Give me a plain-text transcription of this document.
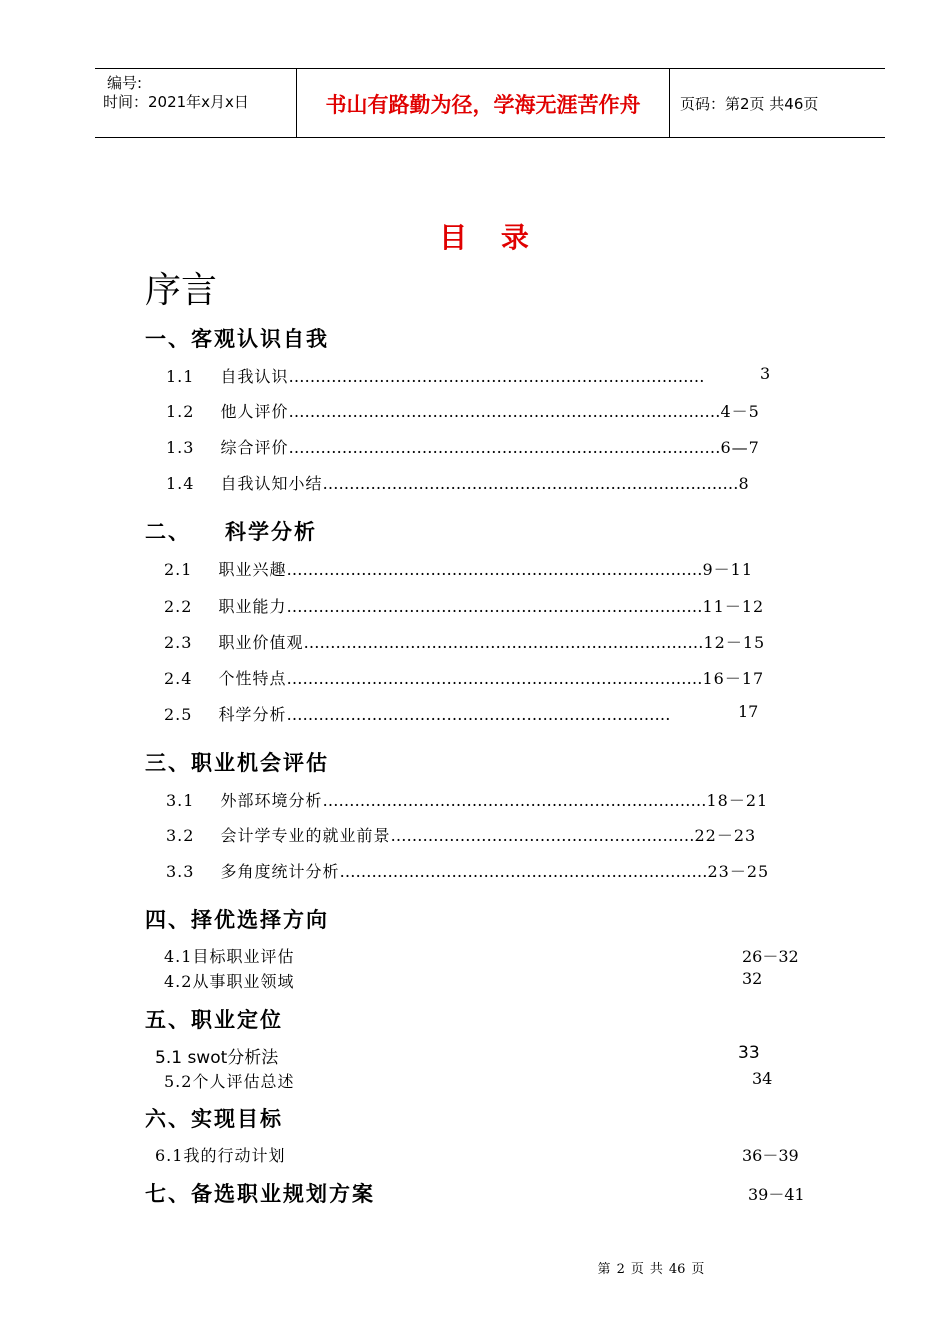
编号:
时间：2021年x月x日	书山有路勤为径，学海无涯苦作舟	页码：第2页 共46页
目 录
序言
一、客观认识自我
1.1 自我认识……………………………………………………………………	3
1.2 他人评价………………………………………………………………………4－5
1.3 综合评价………………………………………………………………………6—7
1.4 自我认知小结……………………………………………………………………8
二、 科学分析
2.1 职业兴趣……………………………………………………………………9－11
2.2 职业能力……………………………………………………………………11－12
2.3 职业价值观…………………………………………………………………12－15
2.4 个性特点……………………………………………………………………16－17
2.5 科学分析………………………………………………………………	17
三、职业机会评估
3.1 外部环境分析………………………………………………………………18－21
3.2 会计学专业的就业前景…………………………………………………22－23
3.3 多角度统计分析……………………………………………………………23－25
四、择优选择方向
4.1目标职业评估	26－32
4.2从事职业领域	32
五、职业定位
5.1 swot分析法	33
5.2个人评估总述	34
六、实现目标
6.1我的行动计划	36－39
七、备选职业规划方案	39－41
第 2 页 共 46 页
